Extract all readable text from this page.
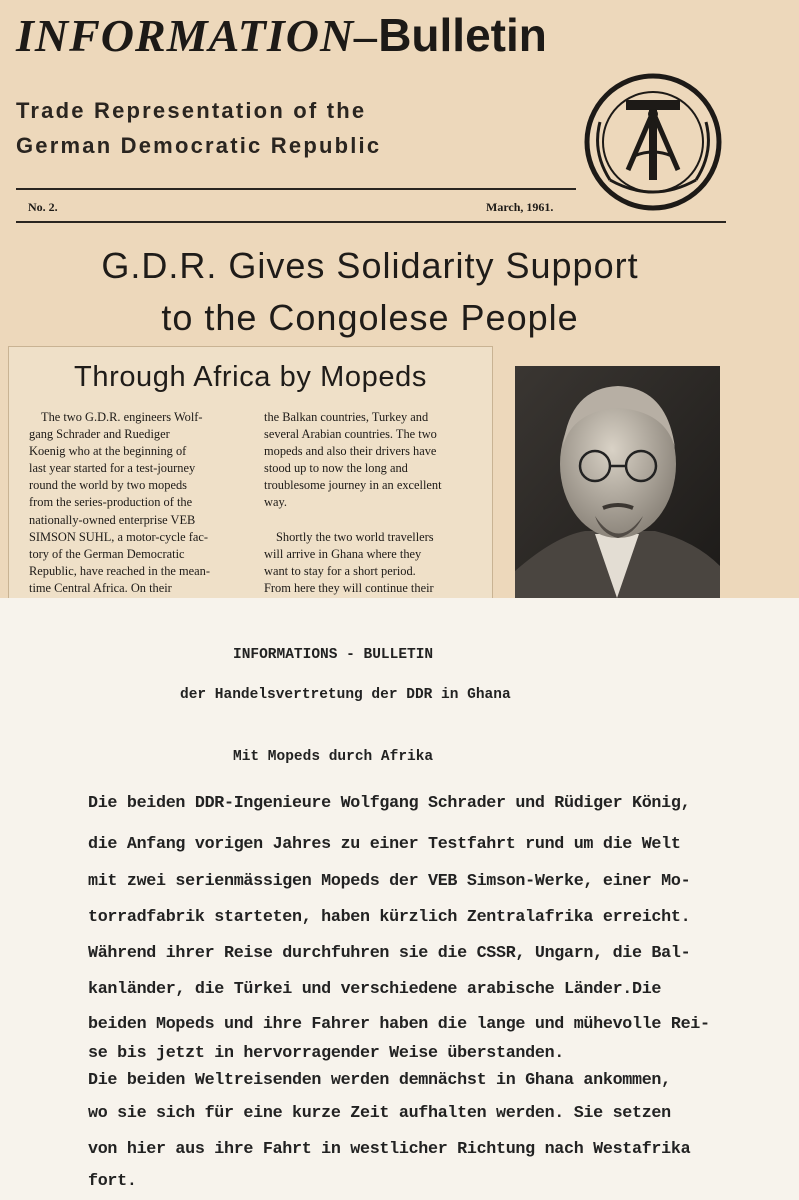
INFORMATION–Bulletin
Trade Representation of the
German Democratic Republic
No. 2.	March, 1961.
G.D.R. Gives Solidarity Support
to the Congolese People
Through Africa by Mopeds

The two G.D.R. engineers Wolf-

gang Schrader and Ruediger

Koenig who at the beginning of

last year started for a test-journey

round the world by two mopeds

from the series-production of the

nationally-owned enterprise VEB

SIMSON SUHL, a motor-cycle fac-

tory of the German Democratic

Republic, have reached in the mean-

time Central Africa. On their

the Balkan countries, Turkey and

several Arabian countries. The two

mopeds and also their drivers have

stood up to now the long and

troublesome journey in an excellent

way.

Shortly the two world travellers

will arrive in Ghana where they

want to stay for a short period.

From here they will continue their

INFORMATIONS - BULLETIN
der Handelsvertretung der DDR in Ghana
Mit Mopeds durch Afrika
Die beiden DDR-Ingenieure Wolfgang Schrader und Rüdiger König,
die Anfang vorigen Jahres zu einer Testfahrt rund um die Welt
mit zwei serienmässigen Mopeds der VEB Simson-Werke, einer Mo-
torradfabrik starteten, haben kürzlich Zentralafrika erreicht.
Während ihrer Reise durchfuhren sie die CSSR, Ungarn, die Bal-
kanländer, die Türkei und verschiedene arabische Länder.Die
beiden Mopeds und ihre Fahrer haben die lange und mühevolle Rei-
se bis jetzt in hervorragender Weise überstanden.
Die beiden Weltreisenden werden demnächst in Ghana ankommen,
wo sie sich für eine kurze Zeit aufhalten werden. Sie setzen
von hier aus ihre Fahrt in westlicher Richtung nach Westafrika
fort.
